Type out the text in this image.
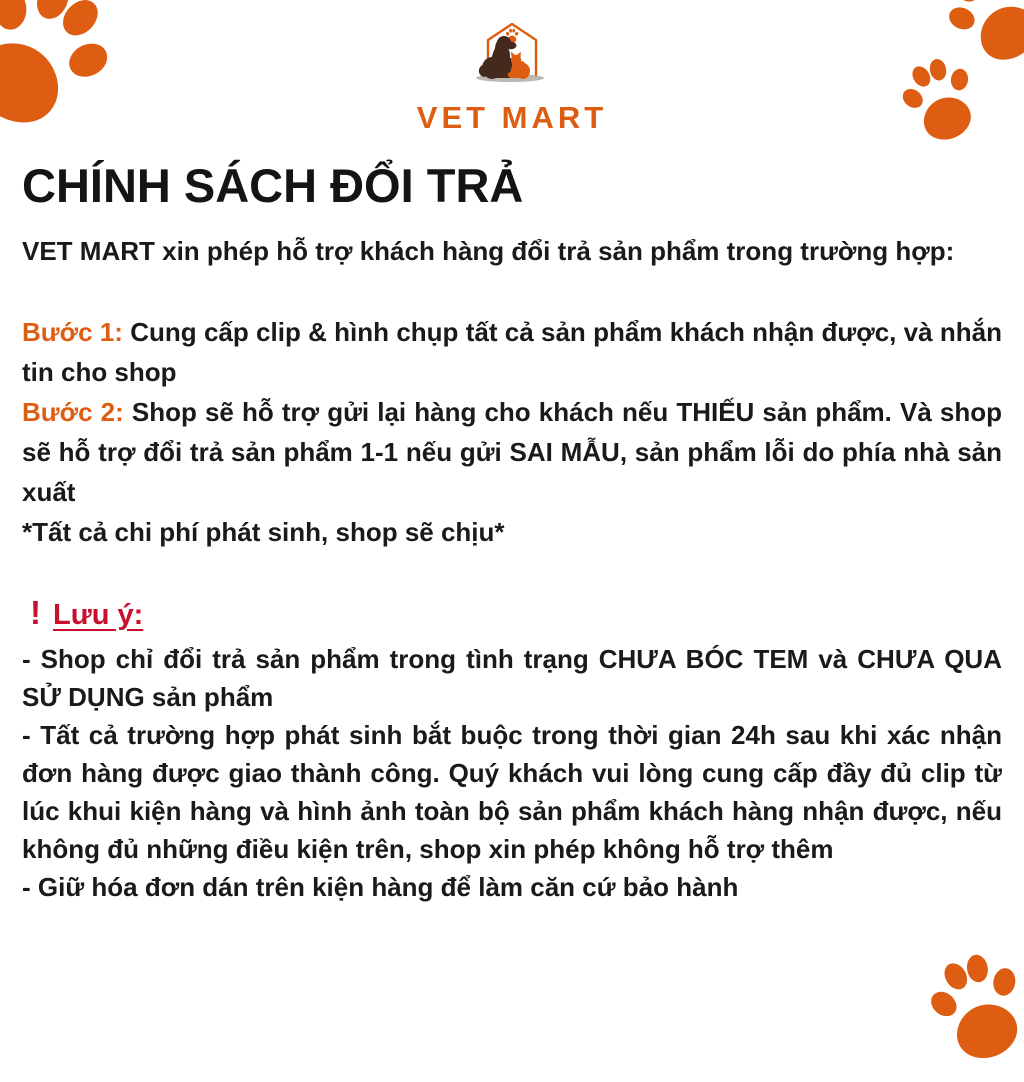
VET MART
CHÍNH SÁCH ĐỔI TRẢ

VET MART xin phép hỗ trợ khách hàng đổi trả sản phẩm trong trường hợp:

Bước 1: Cung cấp clip & hình chụp tất cả sản phẩm khách nhận được, và nhắn tin cho shop

Bước 2: Shop sẽ hỗ trợ gửi lại hàng cho khách nếu THIẾU sản phẩm. Và shop sẽ hỗ trợ đổi trả sản phẩm 1-1 nếu gửi SAI MẪU, sản phẩm lỗi do phía nhà sản xuất

*Tất cả chi phí phát sinh, shop sẽ chịu*

! Lưu ý:

- Shop chỉ đổi trả sản phẩm trong tình trạng CHƯA BÓC TEM và CHƯA QUA SỬ DỤNG sản phẩm

- Tất cả trường hợp phát sinh bắt buộc trong thời gian 24h sau khi xác nhận đơn hàng được giao thành công. Quý khách vui lòng cung cấp đầy đủ clip từ lúc khui kiện hàng và hình ảnh toàn bộ sản phẩm khách hàng nhận được, nếu không đủ những điều kiện trên, shop xin phép không hỗ trợ thêm

- Giữ hóa đơn dán trên kiện hàng để làm căn cứ bảo hành
